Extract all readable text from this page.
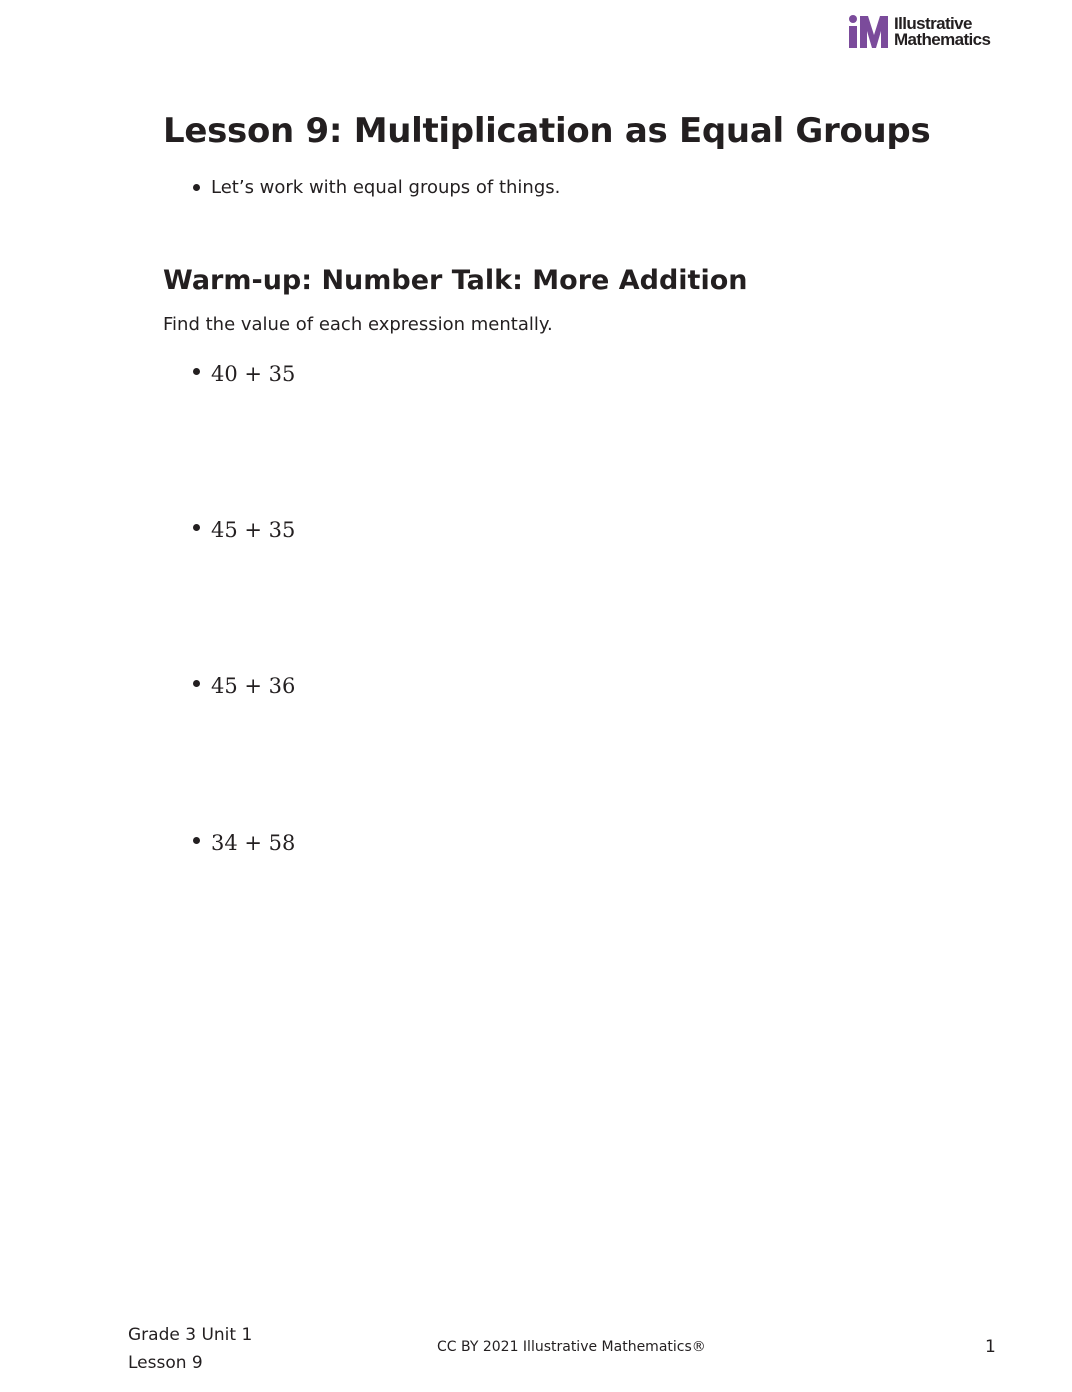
Illustrative
Mathematics
Lesson 9: Multiplication as Equal Groups
Let’s work with equal groups of things.
Warm-up: Number Talk: More Addition

Find the value of each expression mentally.

40 + 35
45 + 35
45 + 36
34 + 58
Grade 3 Unit 1
Lesson 9
CC BY 2021 Illustrative Mathematics®	1
